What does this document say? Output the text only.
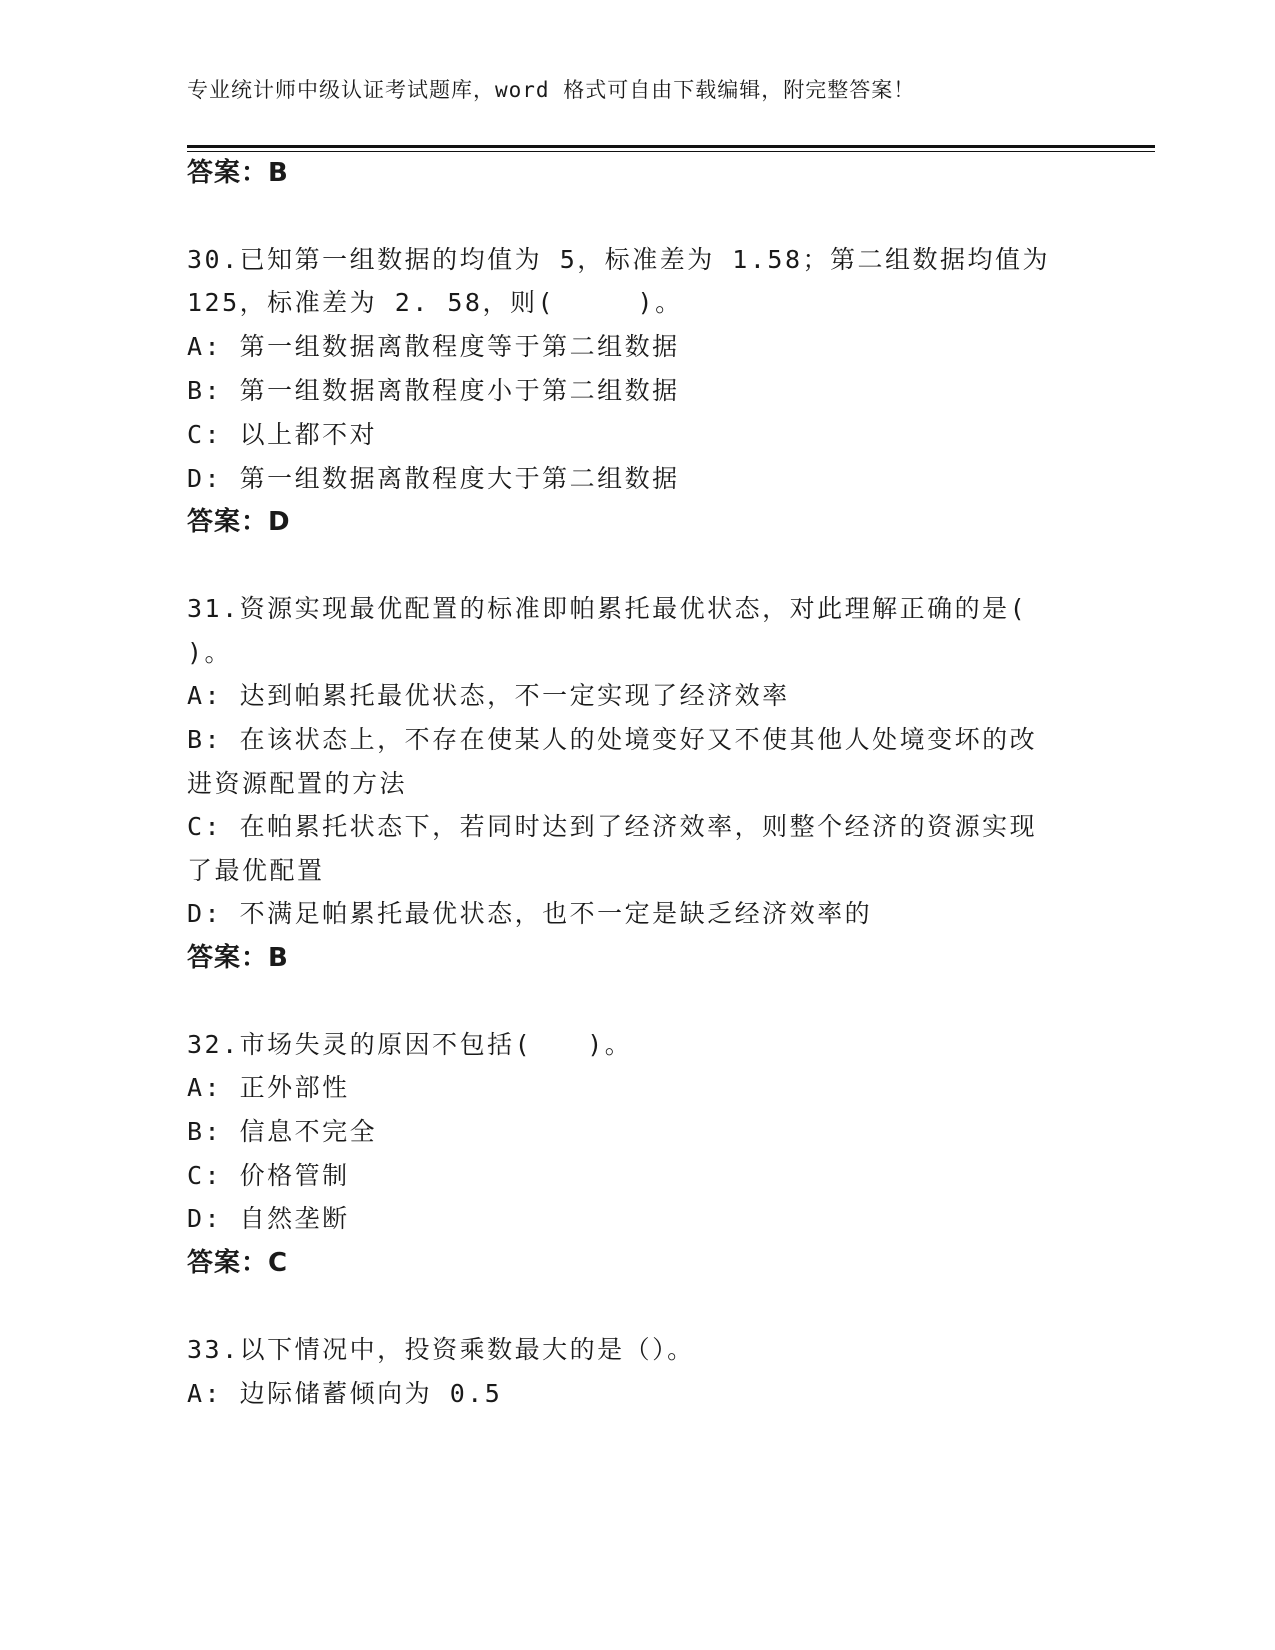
专业统计师中级认证考试题库，word 格式可自由下载编辑，附完整答案！
答案：B
30.已知第一组数据的均值为 5，标准差为 1.58；第二组数据均值为
125，标准差为 2. 58，则(　　　)。
A: 第一组数据离散程度等于第二组数据
B: 第一组数据离散程度小于第二组数据
C: 以上都不对
D: 第一组数据离散程度大于第二组数据
答案：D
31.资源实现最优配置的标准即帕累托最优状态，对此理解正确的是(
)。
A: 达到帕累托最优状态，不一定实现了经济效率
B: 在该状态上，不存在使某人的处境变好又不使其他人处境变坏的改
进资源配置的方法
C: 在帕累托状态下，若同时达到了经济效率，则整个经济的资源实现
了最优配置
D: 不满足帕累托最优状态，也不一定是缺乏经济效率的
答案：B
32.市场失灵的原因不包括(　　)。
A: 正外部性
B: 信息不完全
C: 价格管制
D: 自然垄断
答案：C
33.以下情况中，投资乘数最大的是（）。
A: 边际储蓄倾向为 0.5
